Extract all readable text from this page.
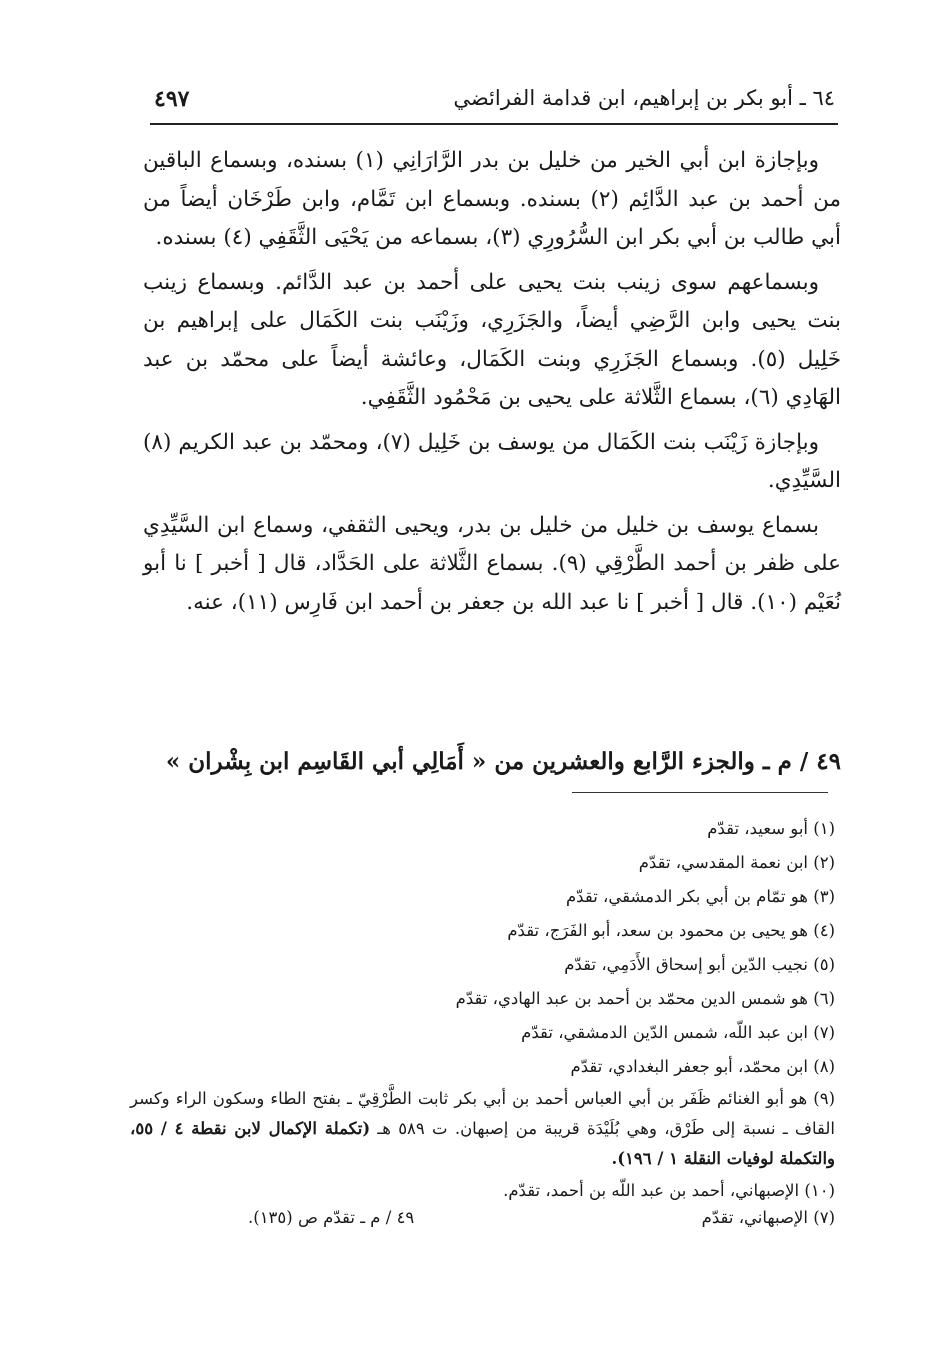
٦٤ ـ أبو بكر بن إبراهيم، ابن قدامة الفرائضي
٤٩٧

وبإجازة ابن أبي الخير من خليل بن بدر الرَّارَانِي (١) بسنده، وبسماع الباقين من أحمد بن عبد الدَّائِم (٢) بسنده. وبسماع ابن تَمَّام، وابن طَرْخَان أيضاً من أبي طالب بن أبي بكر ابن السُّرُورِي (٣)، بسماعه من يَحْيَى الثَّقَفِي (٤) بسنده.

وبسماعهم سوى زينب بنت يحيى على أحمد بن عبد الدَّائم. وبسماع زينب بنت يحيى وابن الرَّضِي أيضاً، والجَزَرِي، وزَيْنَب بنت الكَمَال على إبراهيم بن خَلِيل (٥). وبسماع الجَزَرِي وبنت الكَمَال، وعائشة أيضاً على محمّد بن عبد الهَادِي (٦)، بسماع الثَّلاثة على يحيى بن مَحْمُود الثَّقَفِي.

وبإجازة زَيْنَب بنت الكَمَال من يوسف بن خَلِيل (٧)، ومحمّد بن عبد الكريم (٨) السَّيِّدِي.

بسماع يوسف بن خليل من خليل بن بدر، ويحيى الثقفي، وسماع ابن السَّيِّدِي على ظفر بن أحمد الطَّرْقِي (٩). بسماع الثَّلاثة على الحَدَّاد، قال [ أخبر ] نا أبو نُعَيْم (١٠). قال [ أخبر ] نا عبد الله بن جعفر بن أحمد ابن فَارِس (١١)، عنه.

٤٩ / م ـ والجزء الرَّابع والعشرين من « أَمَالِي أبي القَاسِم ابن بِشْران »
(١) أبو سعيد، تقدّم
(٢) ابن نعمة المقدسي، تقدّم
(٣) هو تمّام بن أبي بكر الدمشقي، تقدّم
(٤) هو يحيى بن محمود بن سعد، أبو الفَرَج، تقدّم
(٥) نجيب الدّين أبو إسحاق الأَدَمِي، تقدّم
(٦) هو شمس الدين محمّد بن أحمد بن عبد الهادي، تقدّم
(٧) ابن عبد اللّه، شمس الدّين الدمشقي، تقدّم
(٨) ابن محمّد، أبو جعفر البغدادي، تقدّم
(٩) هو أبو الغنائم ظَفَر بن أبي العباس أحمد بن أبي بكر ثابت الطَّرْقِيّ ـ بفتح الطاء وسكون الراء وكسر القاف ـ نسبة إلى طَرْق، وهي بُلَيْدَة قريبة من إصبهان. ت ٥٨٩ هـ (تكملة الإكمال لابن نقطة ٤ / ٥٥، والتكملة لوفيات النقلة ١ / ١٩٦).
(١٠) الإصبهاني، أحمد بن عبد اللّه بن أحمد، تقدّم.
(٧) الإصبهاني، تقدّم
٤٩ / م ـ تقدّم ص (١٣٥).
